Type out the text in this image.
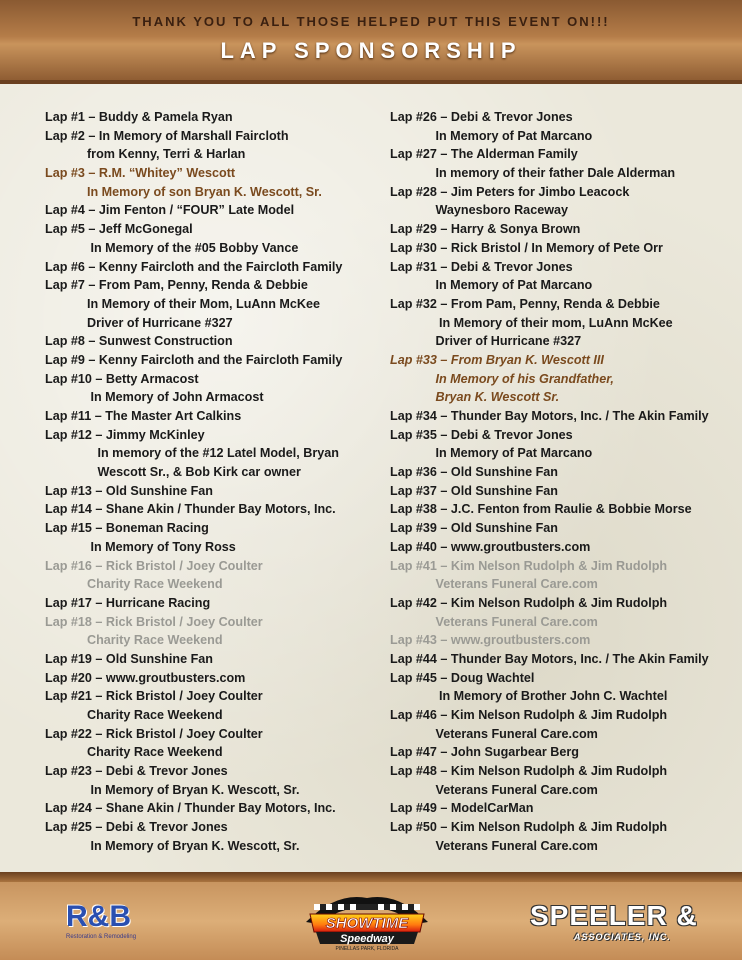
THANK YOU TO ALL THOSE HELPED PUT THIS EVENT ON!!!
LAP SPONSORSHIP
Lap #1 – Buddy & Pamela Ryan
Lap #2 – In Memory of Marshall Faircloth
from Kenny, Terri & Harlan
Lap #3 – R.M. “Whitey” Wescott
In Memory of son Bryan K. Wescott, Sr.
Lap #4 – Jim Fenton / “FOUR” Late Model
Lap #5 – Jeff McGonegal
In Memory of the #05 Bobby Vance
Lap #6 – Kenny Faircloth and the Faircloth Family
Lap #7 – From Pam, Penny, Renda & Debbie
In Memory of their Mom, LuAnn McKee
Driver of Hurricane #327
Lap #8 – Sunwest Construction
Lap #9 – Kenny Faircloth and the Faircloth Family
Lap #10 – Betty Armacost
In Memory of John Armacost
Lap #11 – The Master Art Calkins
Lap #12 – Jimmy McKinley
In memory of the #12 Latel Model, Bryan
Wescott Sr., & Bob Kirk car owner
Lap #13 – Old Sunshine Fan
Lap #14 – Shane Akin / Thunder Bay Motors, Inc.
Lap #15 – Boneman Racing
In Memory of Tony Ross
Lap #16 – Rick Bristol / Joey Coulter
Charity Race Weekend
Lap #17 – Hurricane Racing
Lap #18 – Rick Bristol / Joey Coulter
Charity Race Weekend
Lap #19 – Old Sunshine Fan
Lap #20 – www.groutbusters.com
Lap #21 – Rick Bristol / Joey Coulter
Charity Race Weekend
Lap #22 – Rick Bristol / Joey Coulter
Charity Race Weekend
Lap #23 – Debi & Trevor Jones
In Memory of Bryan K. Wescott, Sr.
Lap #24 – Shane Akin / Thunder Bay Motors, Inc.
Lap #25 – Debi & Trevor Jones
In Memory of Bryan K. Wescott, Sr.
Lap #26 – Debi & Trevor Jones
In Memory of Pat Marcano
Lap #27 – The Alderman Family
In memory of their father Dale Alderman
Lap #28 – Jim Peters for Jimbo Leacock
Waynesboro Raceway
Lap #29 – Harry & Sonya Brown
Lap #30 – Rick Bristol / In Memory of Pete Orr
Lap #31 – Debi & Trevor Jones
In Memory of Pat Marcano
Lap #32 – From Pam, Penny, Renda & Debbie
In Memory of their mom, LuAnn McKee
Driver of Hurricane #327
Lap #33 – From Bryan K. Wescott III
In Memory of his Grandfather,
Bryan K. Wescott Sr.
Lap #34 – Thunder Bay Motors, Inc. / The Akin Family
Lap #35 – Debi & Trevor Jones
In Memory of Pat Marcano
Lap #36 – Old Sunshine Fan
Lap #37 – Old Sunshine Fan
Lap #38 – J.C. Fenton from Raulie & Bobbie Morse
Lap #39 – Old Sunshine Fan
Lap #40 – www.groutbusters.com
Lap #41 – Kim Nelson Rudolph & Jim Rudolph
Veterans Funeral Care.com
Lap #42 – Kim Nelson Rudolph & Jim Rudolph
Veterans Funeral Care.com
Lap #43 – www.groutbusters.com
Lap #44 – Thunder Bay Motors, Inc. / The Akin Family
Lap #45 – Doug Wachtel
In Memory of Brother John C. Wachtel
Lap #46 – Kim Nelson Rudolph & Jim Rudolph
Veterans Funeral Care.com
Lap #47 – John Sugarbear Berg
Lap #48 – Kim Nelson Rudolph & Jim Rudolph
Veterans Funeral Care.com
Lap #49 – ModelCarMan
Lap #50 – Kim Nelson Rudolph & Jim Rudolph
Veterans Funeral Care.com
R&B
Restoration & Remodeling
SHOWTIME
Speedway
PINELLAS PARK, FLORIDA
SPEELER &
ASSOCIATES, INC.
